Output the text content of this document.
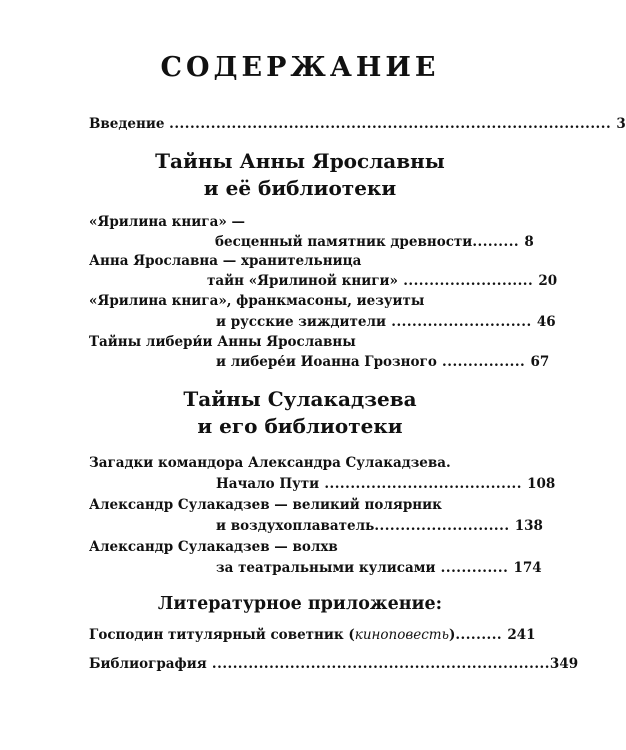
СОДЕРЖАНИЕ
Введение ..................................................................................... 3
Тайны Анны Ярославны
и её библиотеки
«Ярилина книга» —
бесценный памятник древности......... 8
Анна Ярославна — хранительница
тайн «Ярилиной книги» ......................... 20
«Ярилина книга», франкмасоны, иезуиты
и русские зиждители ........................... 46
Тайны либери́и Анны Ярославны
и либере́и Иоанна Грозного ................ 67
Тайны Сулакадзева
и его библиотеки
Загадки командора Александра Сулакадзева.
Начало Пути ...................................... 108
Александр Сулакадзев — великий полярник
и воздухоплаватель.......................... 138
Александр Сулакадзев — волхв
за театральными кулисами ............. 174
Литературное приложение:
Господин титулярный советник (киноповесть)......... 241
Библиография .................................................................349
